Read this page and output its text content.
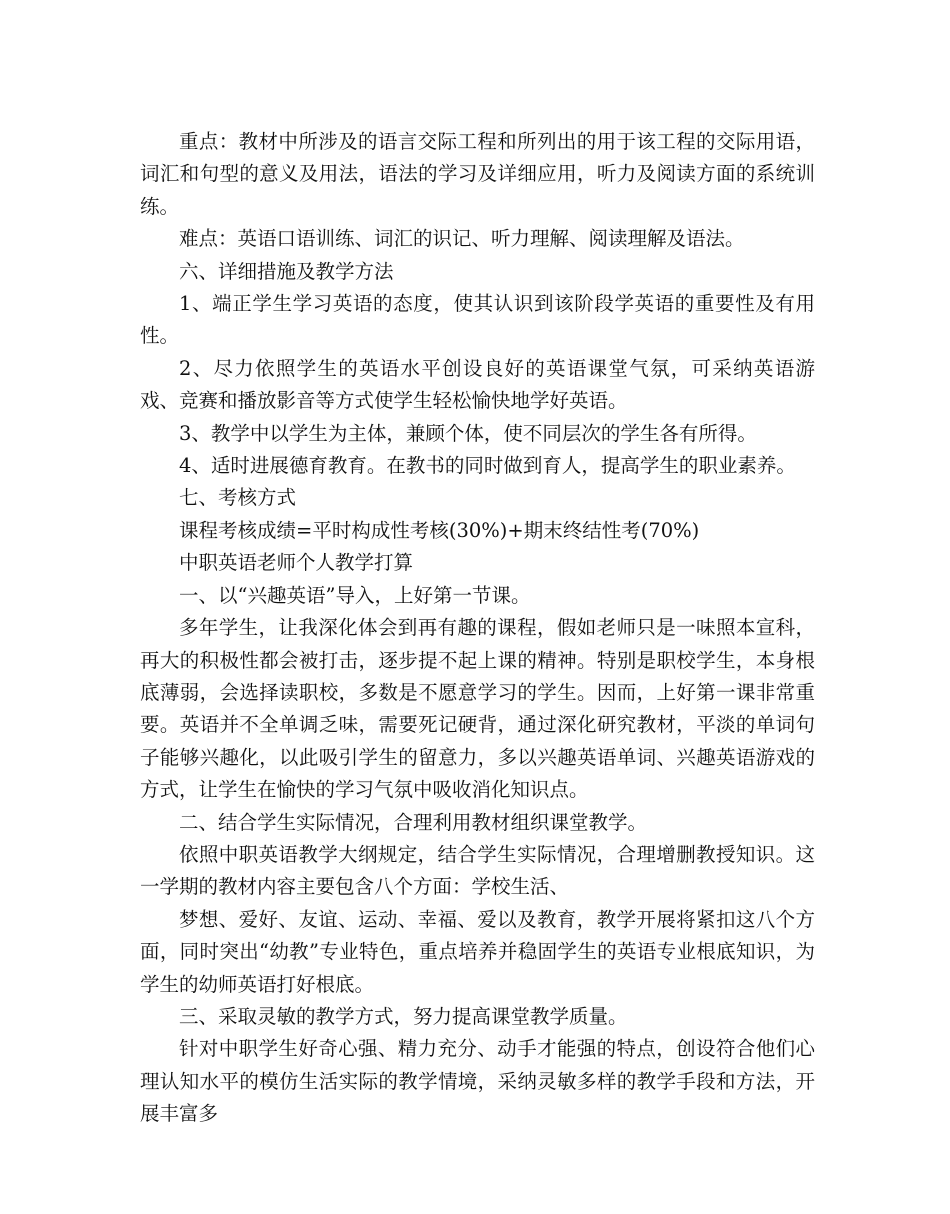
重点：教材中所涉及的语言交际工程和所列出的用于该工程的交际用语，词汇和句型的意义及用法，语法的学习及详细应用，听力及阅读方面的系统训练。

难点：英语口语训练、词汇的识记、听力理解、阅读理解及语法。

六、详细措施及教学方法

1、端正学生学习英语的态度，使其认识到该阶段学英语的重要性及有用性。

2、尽力依照学生的英语水平创设良好的英语课堂气氛，可采纳英语游戏、竞赛和播放影音等方式使学生轻松愉快地学好英语。

3、教学中以学生为主体，兼顾个体，使不同层次的学生各有所得。

4、适时进展德育教育。在教书的同时做到育人，提高学生的职业素养。

七、考核方式

课程考核成绩=平时构成性考核(30%)+期末终结性考(70%)

中职英语老师个人教学打算

一、以“兴趣英语”导入，上好第一节课。

多年学生，让我深化体会到再有趣的课程，假如老师只是一味照本宣科，再大的积极性都会被打击，逐步提不起上课的精神。特别是职校学生，本身根底薄弱，会选择读职校，多数是不愿意学习的学生。因而，上好第一课非常重要。英语并不全单调乏味，需要死记硬背，通过深化研究教材，平淡的单词句子能够兴趣化，以此吸引学生的留意力，多以兴趣英语单词、兴趣英语游戏的方式，让学生在愉快的学习气氛中吸收消化知识点。

二、结合学生实际情况，合理利用教材组织课堂教学。

依照中职英语教学大纲规定，结合学生实际情况，合理增删教授知识。这一学期的教材内容主要包含八个方面：学校生活、

梦想、爱好、友谊、运动、幸福、爱以及教育，教学开展将紧扣这八个方面，同时突出“幼教”专业特色，重点培养并稳固学生的英语专业根底知识，为学生的幼师英语打好根底。

三、采取灵敏的教学方式，努力提高课堂教学质量。

针对中职学生好奇心强、精力充分、动手才能强的特点，创设符合他们心理认知水平的模仿生活实际的教学情境，采纳灵敏多样的教学手段和方法，开展丰富多
